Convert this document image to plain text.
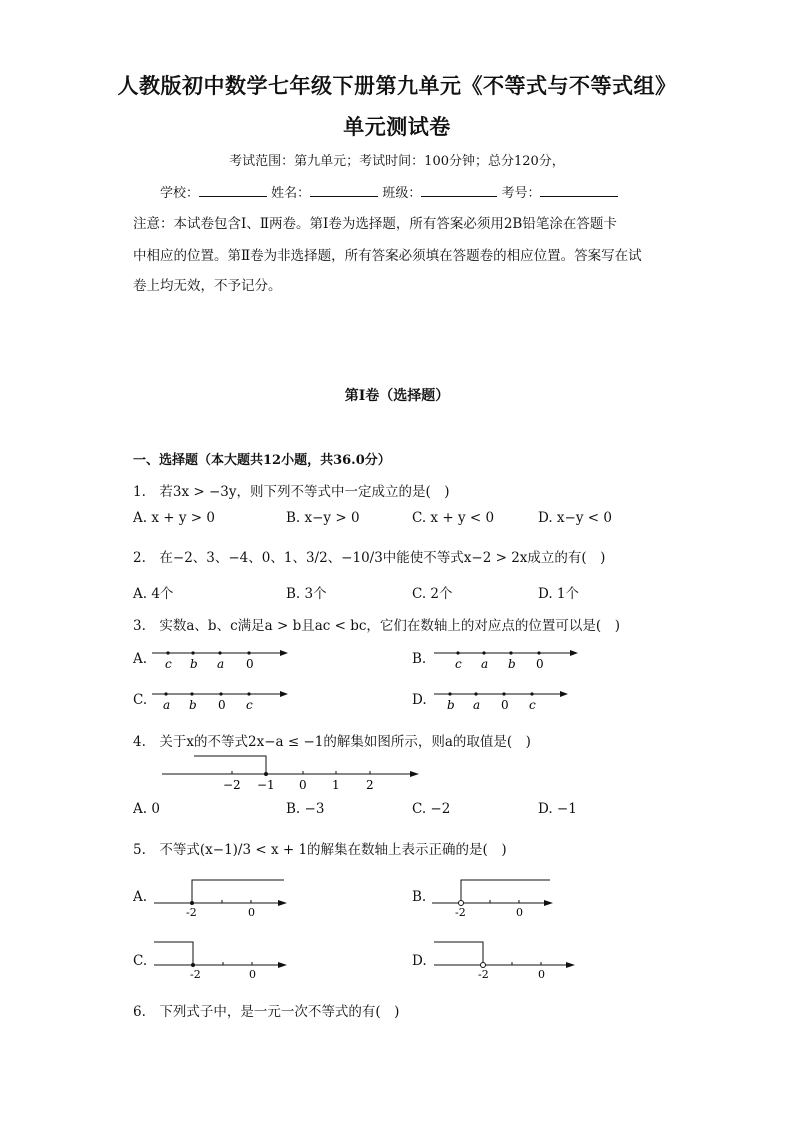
人教版初中数学七年级下册第九单元《不等式与不等式组》
单元测试卷
考试范围：第九单元；考试时间：100分钟；总分120分，
学校：	姓名：	班级：	考号：
注意：本试卷包含Ⅰ、Ⅱ两卷。第Ⅰ卷为选择题，所有答案必须用2B铅笔涂在答题卡
中相应的位置。第Ⅱ卷为非选择题，所有答案必须填在答题卷的相应位置。答案写在试
卷上均无效，不予记分。
第Ⅰ卷（选择题）
一、选择题（本大题共12小题，共36.0分）
1.　若3x > −3y，则下列不等式中一定成立的是(　)
A. x + y > 0	B. x−y > 0	C. x + y < 0	D. x−y < 0
2.　在−2、3、−4、0、1、3/2、−10/3中能使不等式x−2 > 2x成立的有(　)
A. 4个	B. 3个	C. 2个	D. 1个
3.　实数a、b、c满足a > b且ac < bc，它们在数轴上的对应点的位置可以是(　)
A. c b a 0	B. c a b 0
C. a b 0 c	D. b a 0 c
4.　关于x的不等式2x−a ≤ −1的解集如图所示，则a的取值是(　)
−2 −1 0 1 2
A. 0	B. −3	C. −2	D. −1
5.　不等式(x−1)/3 < x + 1的解集在数轴上表示正确的是(　)
A.
-2	0
B.
-2	0
C.
-2	0
D.
-2	0
6.　下列式子中，是一元一次不等式的有(　)
